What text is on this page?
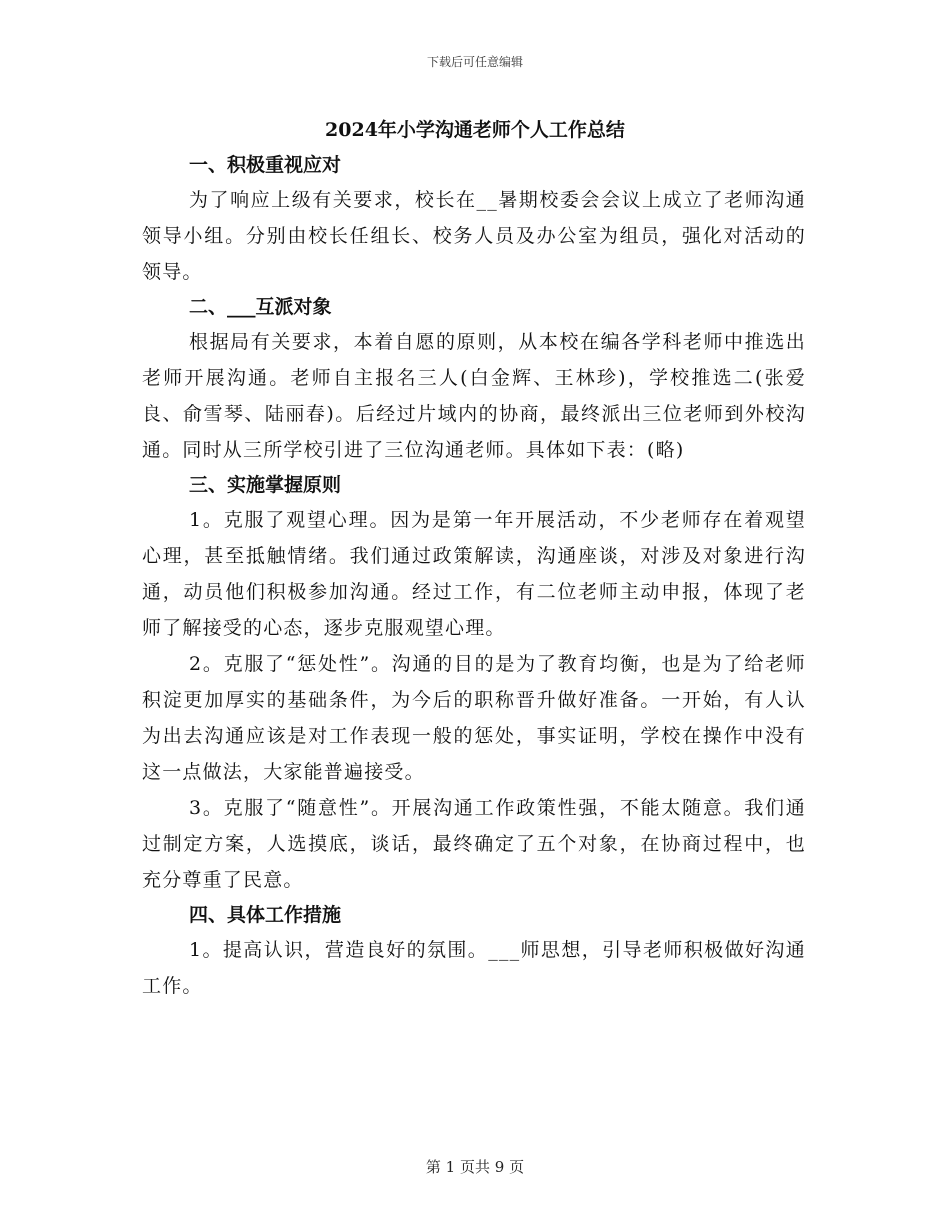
下载后可任意编辑
2024年小学沟通老师个人工作总结

一、积极重视应对

为了响应上级有关要求，校长在__暑期校委会会议上成立了老师沟通领导小组。分别由校长任组长、校务人员及办公室为组员，强化对活动的领导。

二、___互派对象

根据局有关要求，本着自愿的原则，从本校在编各学科老师中推选出老师开展沟通。老师自主报名三人(白金辉、王林珍)，学校推选二(张爱良、俞雪琴、陆丽春)。后经过片域内的协商，最终派出三位老师到外校沟通。同时从三所学校引进了三位沟通老师。具体如下表：(略)

三、实施掌握原则

1。克服了观望心理。因为是第一年开展活动，不少老师存在着观望心理，甚至抵触情绪。我们通过政策解读，沟通座谈，对涉及对象进行沟通，动员他们积极参加沟通。经过工作，有二位老师主动申报，体现了老师了解接受的心态，逐步克服观望心理。

2。克服了“惩处性”。沟通的目的是为了教育均衡，也是为了给老师积淀更加厚实的基础条件，为今后的职称晋升做好准备。一开始，有人认为出去沟通应该是对工作表现一般的惩处，事实证明，学校在操作中没有这一点做法，大家能普遍接受。

3。克服了“随意性”。开展沟通工作政策性强，不能太随意。我们通过制定方案，人选摸底，谈话，最终确定了五个对象，在协商过程中，也充分尊重了民意。

四、具体工作措施

1。提高认识，营造良好的氛围。___师思想，引导老师积极做好沟通工作。

第 1 页共 9 页
